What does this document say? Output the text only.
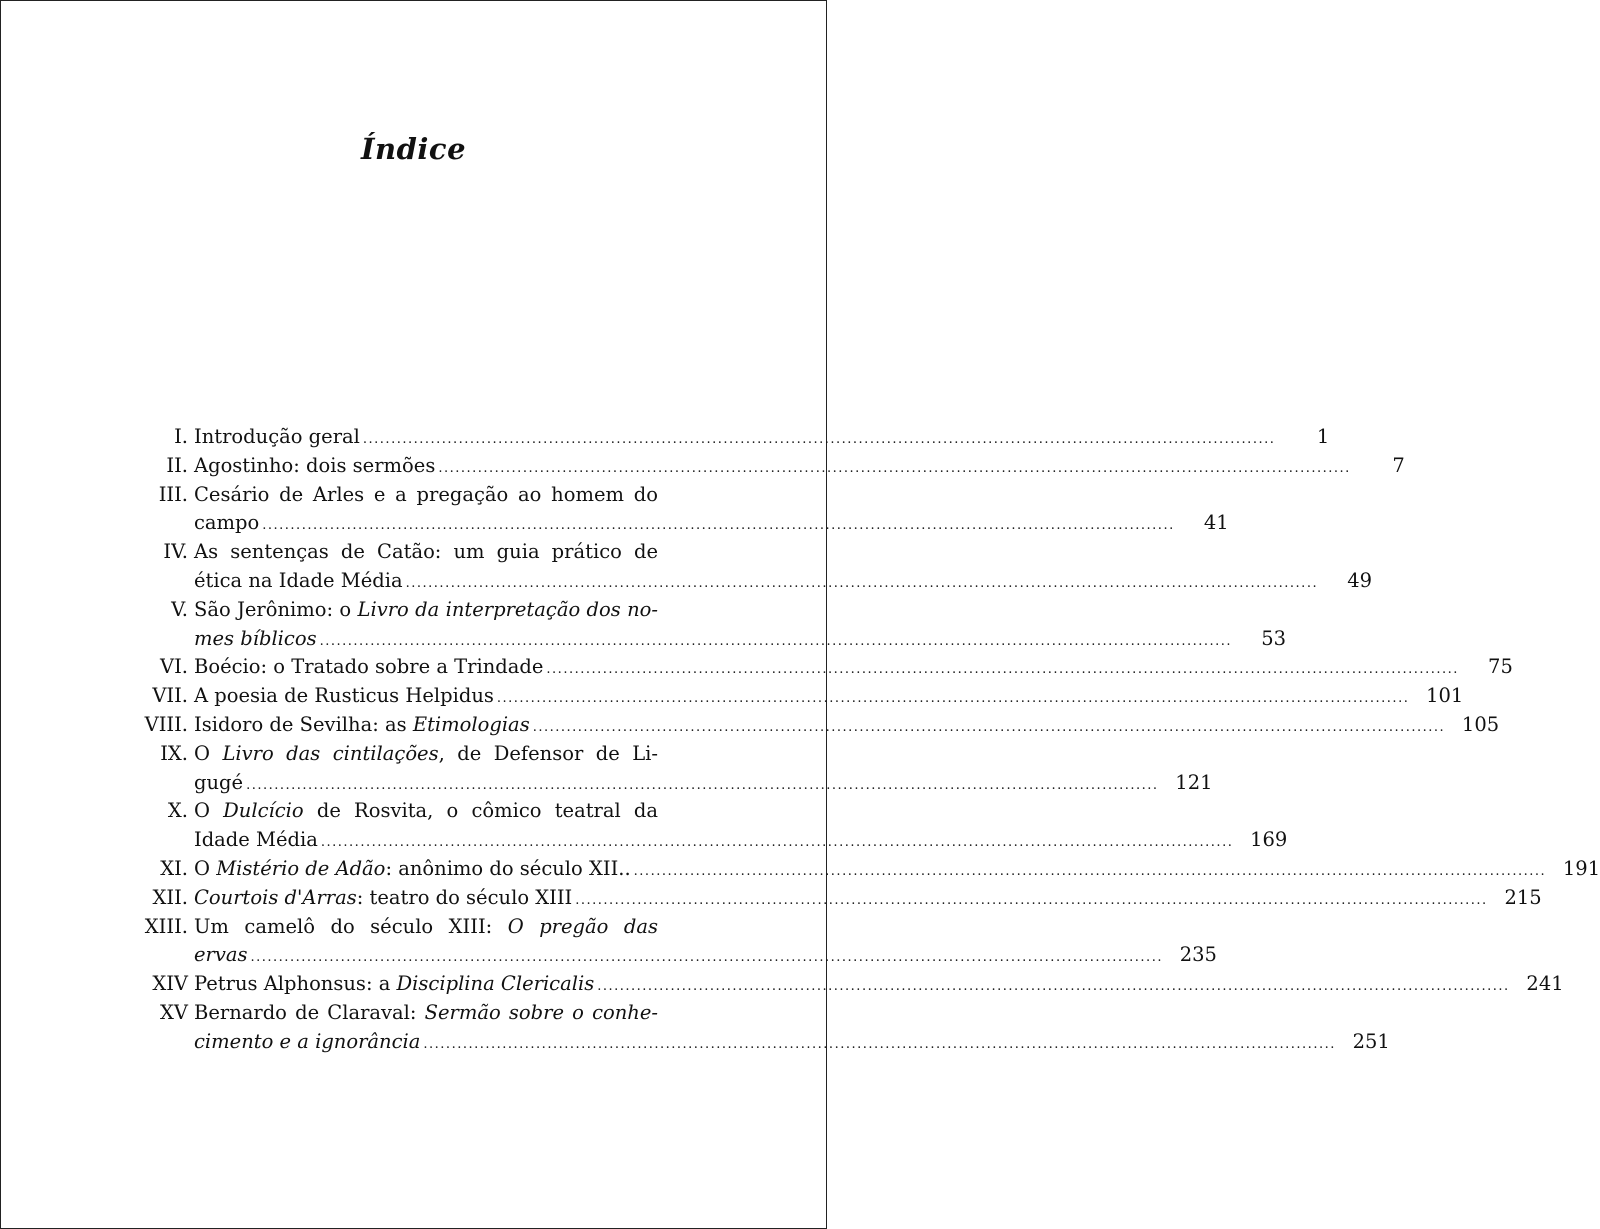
Índice
I. Introdução geral .....	1
II. Agostinho: dois sermões .....	7
III. Cesário de Arles e a pregação ao homem do
campo .....	41
IV. As sentenças de Catão: um guia prático de
ética na Idade Média .....	49
V. São Jerônimo: o Livro da interpretação dos no-
mes bíblicos .....	53
VI. Boécio: o Tratado sobre a Trindade .....	75
VII. A poesia de Rusticus Helpidus .....	101
VIII. Isidoro de Sevilha: as Etimologias .....	105
IX. O Livro das cintilações, de Defensor de Li-
gugé .....	121
X. O Dulcício de Rosvita, o cômico teatral da
Idade Média .....	169
XI. O Mistério de Adão: anônimo do século XII.. .....	191
XII. Courtois d'Arras: teatro do século XIII .....	215
XIII. Um camelô do século XIII: O pregão das
ervas .....	235
XIV Petrus Alphonsus: a Disciplina Clericalis .....	241
XV Bernardo de Claraval: Sermão sobre o conhe-
cimento e a ignorância .....	251
